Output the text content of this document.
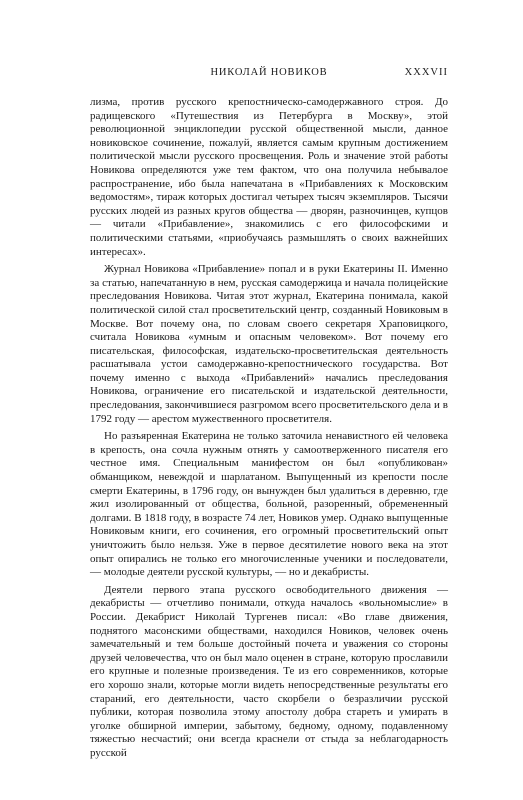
НИКОЛАЙ НОВИКОВ	XXXVII

лизма, против русского крепостническо-самодержавного строя. До радищевского «Путешествия из Петербурга в Москву», этой революционной энциклопедии русской общественной мысли, данное новиковское сочинение, пожалуй, является самым крупным достижением политической мысли русского просвещения. Роль и значение этой работы Новикова определяются уже тем фактом, что она получила небывалое распространение, ибо была напечатана в «Прибавлениях к Московским ведомостям», тираж которых достигал четырех тысяч экземпляров. Тысячи русских людей из разных кругов общества — дворян, разночинцев, купцов — читали «Прибавление», знакомились с его философскими и политическими статьями, «приобучаясь размышлять о своих важнейших интересах».

Журнал Новикова «Прибавление» попал и в руки Екатерины II. Именно за статью, напечатанную в нем, русская самодержица и начала полицейские преследования Новикова. Читая этот журнал, Екатерина понимала, какой политической силой стал просветительский центр, созданный Новиковым в Москве. Вот почему она, по словам своего секретаря Храповицкого, считала Новикова «умным и опасным человеком». Вот почему его писательская, философская, издательско-просветительская деятельность расшатывала устои самодержавно-крепостнического государства. Вот почему именно с выхода «Прибавлений» начались преследования Новикова, ограничение его писательской и издательской деятельности, преследования, закончившиеся разгромом всего просветительского дела и в 1792 году — арестом мужественного просветителя.

Но разъяренная Екатерина не только заточила ненавистного ей человека в крепость, она сочла нужным отнять у самоотверженного писателя его честное имя. Специальным манифестом он был «опубликован» обманщиком, невеждой и шарлатаном. Выпущенный из крепости после смерти Екатерины, в 1796 году, он вынужден был удалиться в деревню, где жил изолированный от общества, больной, разоренный, обремененный долгами. В 1818 году, в возрасте 74 лет, Новиков умер. Однако выпущенные Новиковым книги, его сочинения, его огромный просветительский опыт уничтожить было нельзя. Уже в первое десятилетие нового века на этот опыт опирались не только его многочисленные ученики и последователи, — молодые деятели русской культуры, — но и декабристы.

Деятели первого этапа русского освободительного движения — декабристы — отчетливо понимали, откуда началось «вольномыслие» в России. Декабрист Николай Тургенев писал: «Во главе движения, поднятого масонскими обществами, находился Новиков, человек очень замечательный и тем больше достойный почета и уважения со стороны друзей человечества, что он был мало оценен в стране, которую прославили его крупные и полезные произведения. Те из его современников, которые его хорошо знали, которые могли видеть непосредственные результаты его стараний, его деятельности, часто скорбели о безразличии русской публики, которая позволила этому апостолу добра стареть и умирать в уголке обширной империи, забытому, бедному, одному, подавленному тяжестью несчастий; они всегда краснели от стыда за неблагодарность русской
